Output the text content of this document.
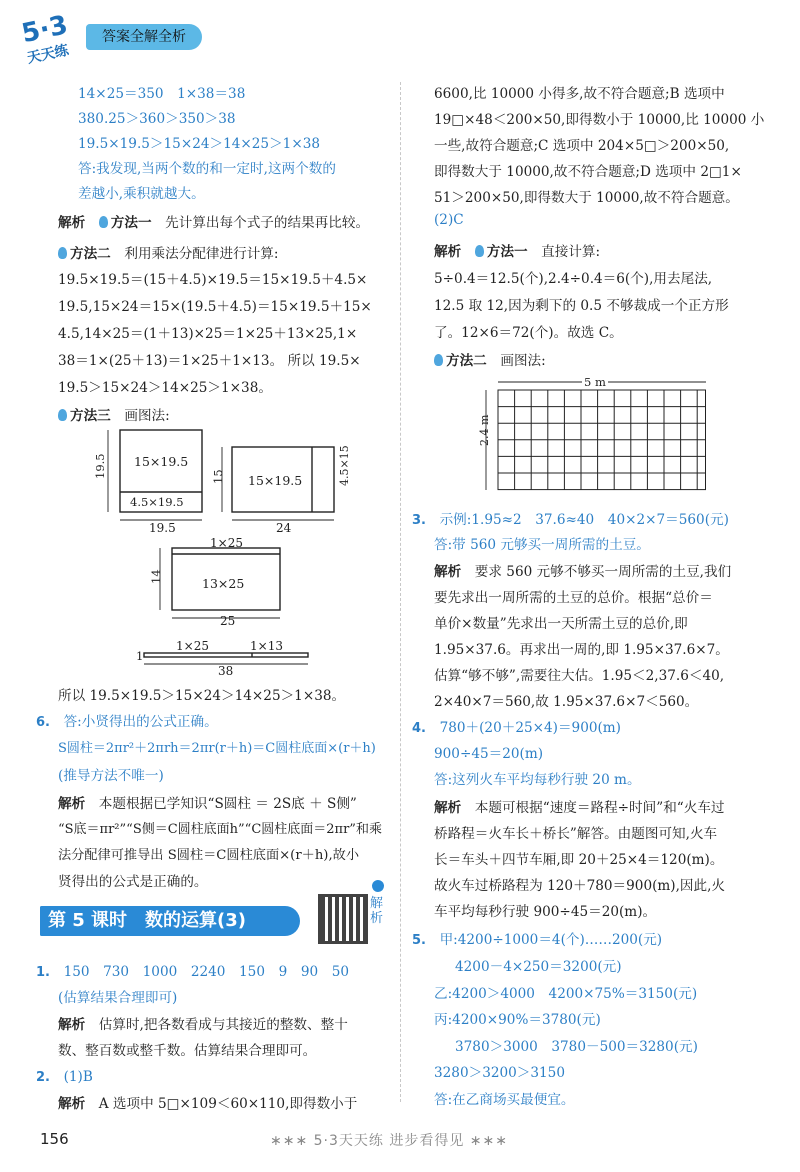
5·3
天天练
答案全解全析
14×25＝350　1×38＝38
380.25＞360＞350＞38
19.5×19.5＞15×24＞14×25＞1×38
答:我发现,当两个数的和一定时,这两个数的
差越小,乘积就越大。
解析　 方法一　 先计算出每个式子的结果再比较。
方法二　 利用乘法分配律进行计算:
19.5×19.5＝(15＋4.5)×19.5＝15×19.5＋4.5×
19.5,15×24＝15×(19.5＋4.5)＝15×19.5＋15×
4.5,14×25＝(1＋13)×25＝1×25＋13×25,1×
38＝1×(25＋13)＝1×25＋1×13。 所以 19.5×
19.5＞15×24＞14×25＞1×38。
方法三　 画图法:
15×19.5
4.5×19.5
19.5
19.5
15×19.5	4.5×15
15
24
1×25
13×25
14
25
1×25	1×13
1
38
所以 19.5×19.5＞15×24＞14×25＞1×38。
6.　 答:小贤得出的公式正确。
S圆柱＝2πr²＋2πrh＝2πr(r＋h)＝C圆柱底面×(r＋h)
(推导方法不唯一)
解析　 本题根据已学知识“S圆柱 ＝ 2S底 ＋ S侧”
“S底＝πr²”“S侧＝C圆柱底面h”“C圆柱底面＝2πr”和乘
法分配律可推导出 S圆柱＝C圆柱底面×(r＋h),故小
贤得出的公式是正确的。
第 5 课时　数的运算(3)
解析
1.　 150　730　1000　2240　150　9　90　50
(估算结果合理即可)
解析　 估算时,把各数看成与其接近的整数、整十
数、整百数或整千数。估算结果合理即可。
2.　 (1)B
解析　 A 选项中 5□×109＜60×110,即得数小于
6600,比 10000 小得多,故不符合题意;B 选项中
19□×48＜200×50,即得数小于 10000,比 10000 小
一些,故符合题意;C 选项中 204×5□＞200×50,
即得数大于 10000,故不符合题意;D 选项中 2□1×
51＞200×50,即得数大于 10000,故不符合题意。
(2)C
解析　 方法一　 直接计算:
5÷0.4＝12.5(个),2.4÷0.4＝6(个),用去尾法,
12.5 取 12,因为剩下的 0.5 不够裁成一个正方形
了。12×6＝72(个)。故选 C。
方法二　 画图法:
5 m
2.4 m
3.　 示例:1.95≈2　37.6≈40　40×2×7＝560(元)
答:带 560 元够买一周所需的土豆。
解析　 要求 560 元够不够买一周所需的土豆,我们
要先求出一周所需的土豆的总价。根据“总价＝
单价×数量”先求出一天所需土豆的总价,即
1.95×37.6。再求出一周的,即 1.95×37.6×7。
估算“够不够”,需要往大估。1.95＜2,37.6＜40,
2×40×7＝560,故 1.95×37.6×7＜560。
4.　 780＋(20＋25×4)＝900(m)
900÷45＝20(m)
答:这列火车平均每秒行驶 20 m。
解析　 本题可根据“速度＝路程÷时间”和“火车过
桥路程＝火车长＋桥长”解答。由题图可知,火车
长＝车头＋四节车厢,即 20＋25×4＝120(m)。
故火车过桥路程为 120＋780＝900(m),因此,火
车平均每秒行驶 900÷45＝20(m)。
5.　 甲:4200÷1000＝4(个)……200(元)
4200－4×250＝3200(元)
乙:4200＞4000　4200×75%＝3150(元)
丙:4200×90%＝3780(元)
3780＞3000　3780－500＝3280(元)
3280＞3200＞3150
答:在乙商场买最便宜。
156	∗∗∗ 5·3天天练 进步看得见 ∗∗∗
